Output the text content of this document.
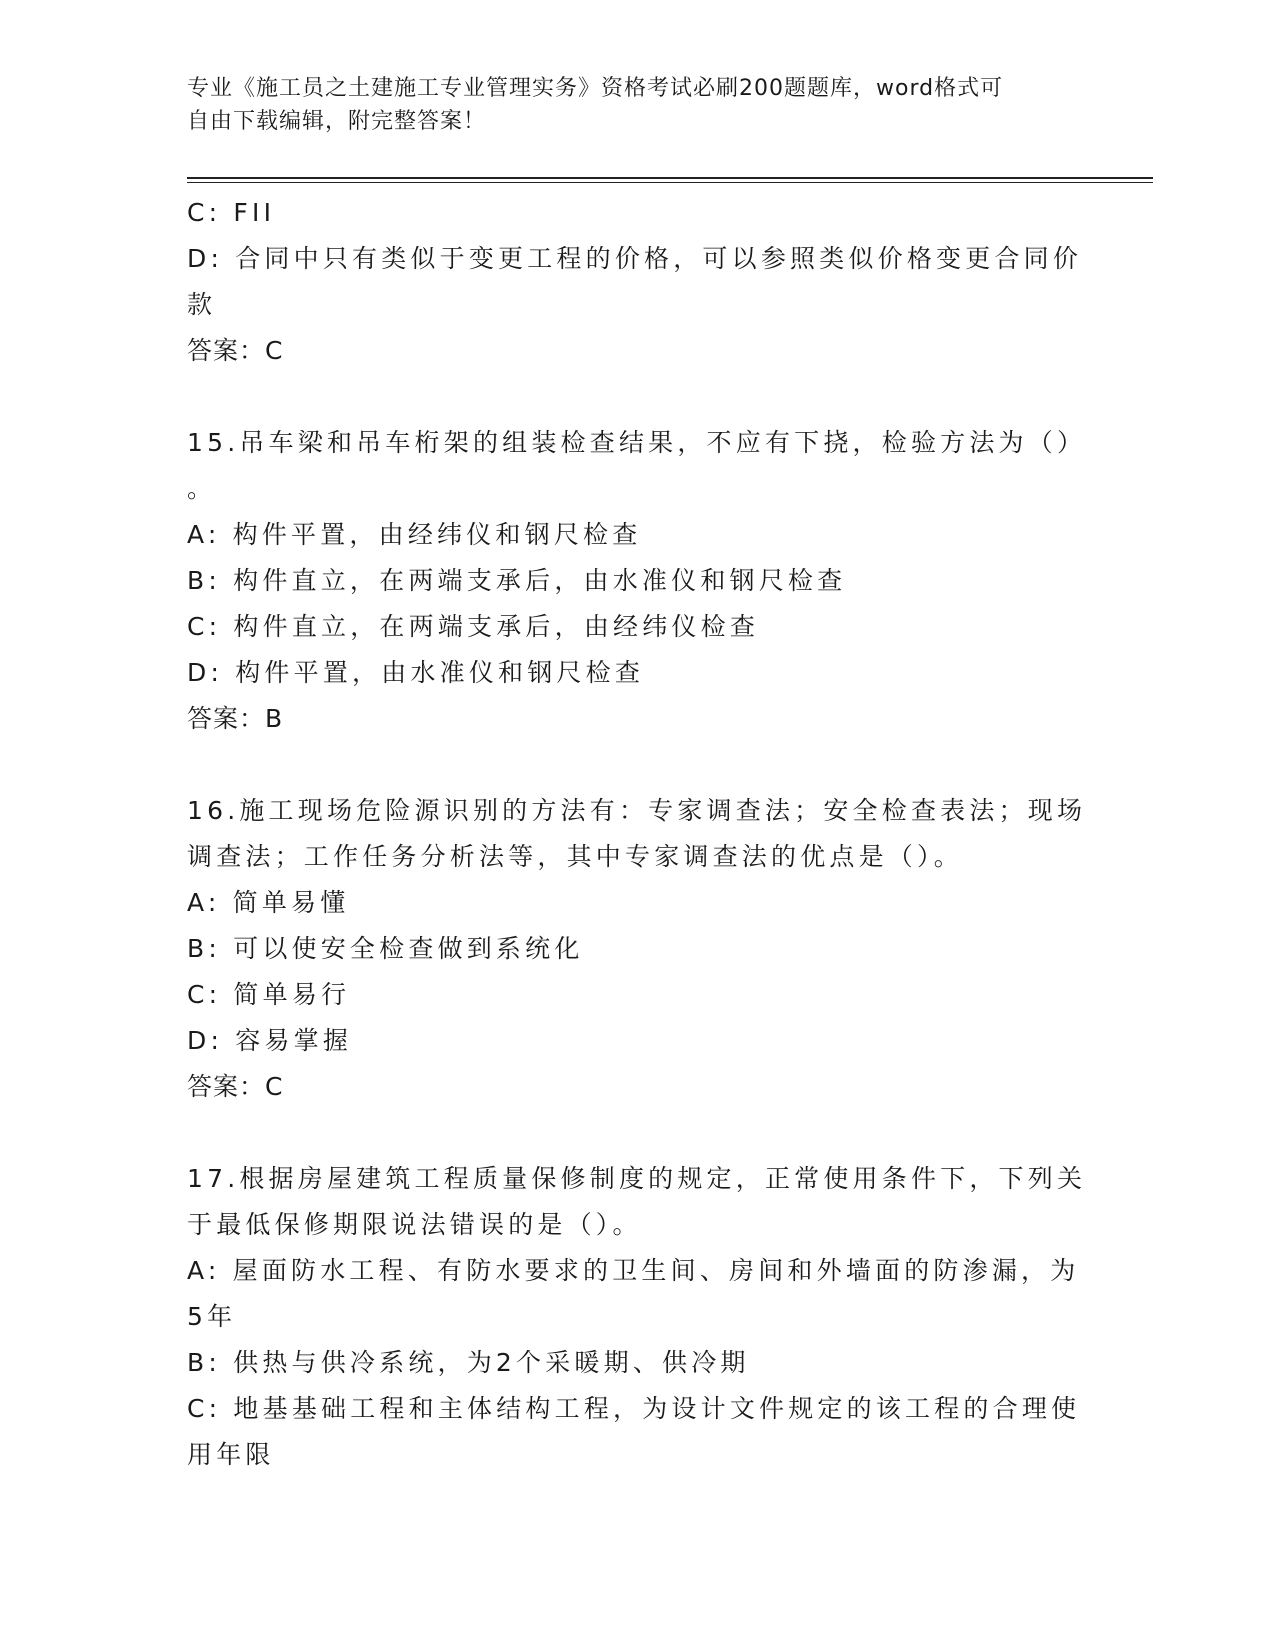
专业《施工员之土建施工专业管理实务》资格考试必刷200题题库，word格式可
自由下载编辑，附完整答案！
C: FII
D: 合同中只有类似于变更工程的价格，可以参照类似价格变更合同价
款
答案：C
15.吊车梁和吊车桁架的组装检查结果，不应有下挠，检验方法为（）
。
A: 构件平置，由经纬仪和钢尺检查
B: 构件直立，在两端支承后，由水准仪和钢尺检查
C: 构件直立，在两端支承后，由经纬仪检查
D: 构件平置，由水准仪和钢尺检查
答案：B
16.施工现场危险源识别的方法有：专家调查法；安全检查表法；现场
调查法；工作任务分析法等，其中专家调查法的优点是（）。
A: 简单易懂
B: 可以使安全检查做到系统化
C: 简单易行
D: 容易掌握
答案：C
17.根据房屋建筑工程质量保修制度的规定，正常使用条件下，下列关
于最低保修期限说法错误的是（）。
A: 屋面防水工程、有防水要求的卫生间、房间和外墙面的防渗漏，为
5年
B: 供热与供冷系统，为2个采暖期、供冷期
C: 地基基础工程和主体结构工程，为设计文件规定的该工程的合理使
用年限
